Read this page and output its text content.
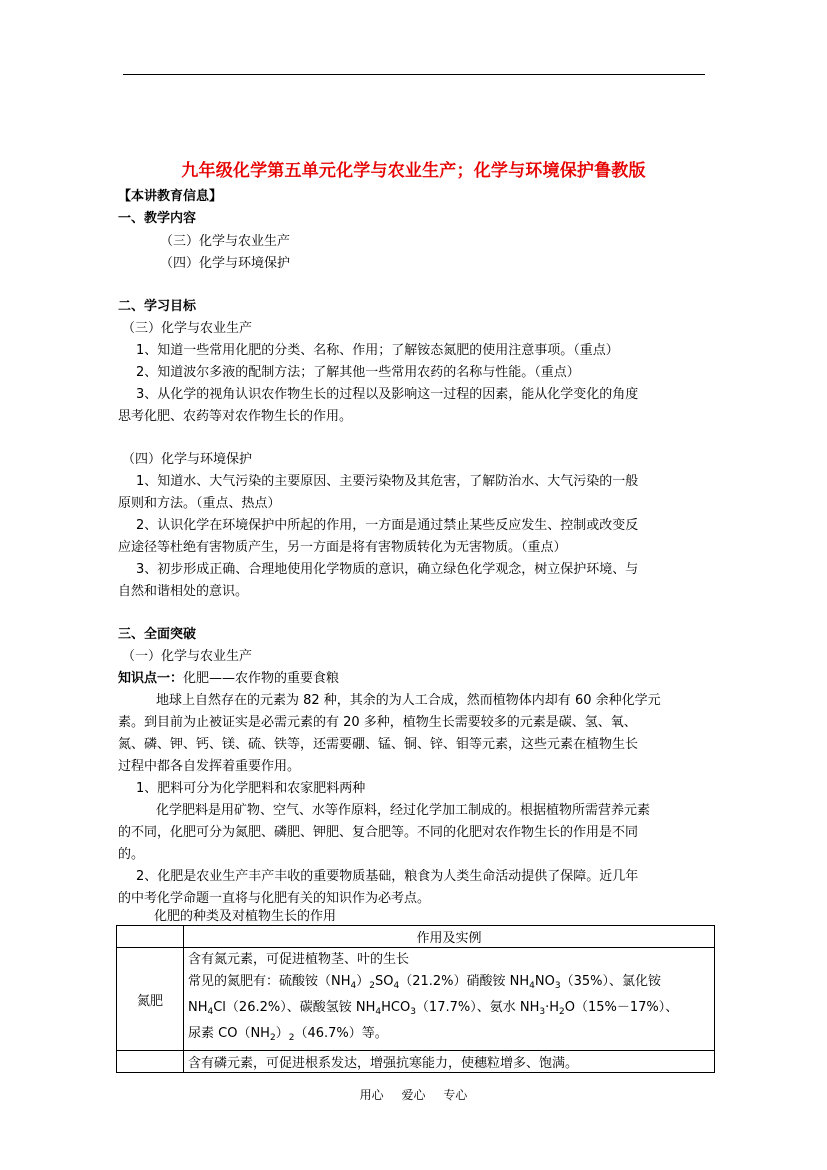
九年级化学第五单元化学与农业生产；化学与环境保护鲁教版
【本讲教育信息】
一、教学内容
（三）化学与农业生产
（四）化学与环境保护
二、学习目标
（三）化学与农业生产
1、知道一些常用化肥的分类、名称、作用；了解铵态氮肥的使用注意事项。（重点）
2、知道波尔多液的配制方法；了解其他一些常用农药的名称与性能。（重点）
3、从化学的视角认识农作物生长的过程以及影响这一过程的因素，能从化学变化的角度
思考化肥、农药等对农作物生长的作用。
（四）化学与环境保护
1、知道水、大气污染的主要原因、主要污染物及其危害，了解防治水、大气污染的一般
原则和方法。（重点、热点）
2、认识化学在环境保护中所起的作用，一方面是通过禁止某些反应发生、控制或改变反
应途径等杜绝有害物质产生，另一方面是将有害物质转化为无害物质。（重点）
3、初步形成正确、合理地使用化学物质的意识，确立绿色化学观念，树立保护环境、与
自然和谐相处的意识。
三、全面突破
（一）化学与农业生产
知识点一：化肥——农作物的重要食粮
地球上自然存在的元素为 82 种，其余的为人工合成，然而植物体内却有 60 余种化学元
素。到目前为止被证实是必需元素的有 20 多种，植物生长需要较多的元素是碳、氢、氧、
氮、磷、钾、钙、镁、硫、铁等，还需要硼、锰、铜、锌、钼等元素，这些元素在植物生长
过程中都各自发挥着重要作用。
1、肥料可分为化学肥料和农家肥料两种
化学肥料是用矿物、空气、水等作原料，经过化学加工制成的。根据植物所需营养元素
的不同，化肥可分为氮肥、磷肥、钾肥、复合肥等。不同的化肥对农作物生长的作用是不同
的。
2、化肥是农业生产丰产丰收的重要物质基础，粮食为人类生命活动提供了保障。近几年
的中考化学命题一直将与化肥有关的知识作为必考点。
化肥的种类及对植物生长的作用
	作用及实例
氮肥	含有氮元素，可促进植物茎、叶的生长
常见的氮肥有：硫酸铵$(NH_4)_2SO_4(21.2\%)$硝酸铵 $NH_4NO_3(35\%)$、氯化铵
$NH_4Cl(26.2\%)$、碳酸氢铵 $NH_4HCO_3(17.7\%)$、氨水 $NH_3\cdot H_2O(15\%-17\%)$、
尿素 $CO(NH_2)_2(46.7\%)$等。

	含有磷元素，可促进根系发达，增强抗寒能力，使穗粒增多、饱满。
用心 爱心 专心
